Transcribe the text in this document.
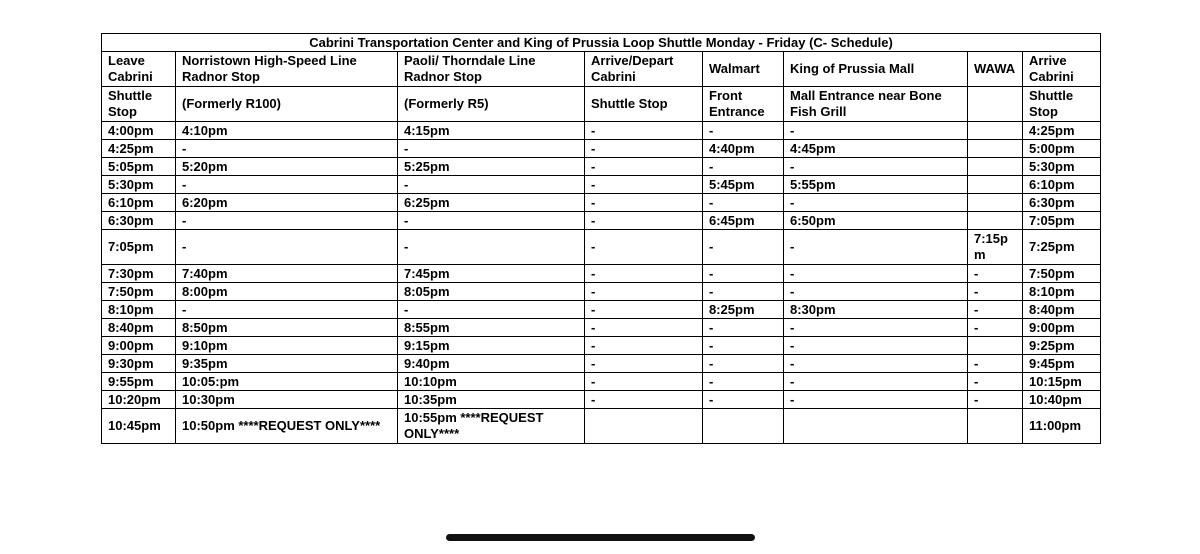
Cabrini Transportation Center and King of Prussia Loop Shuttle Monday - Friday (C- Schedule)							
Leave Cabrini	Norristown High-Speed Line Radnor Stop	Paoli/ Thorndale Line Radnor Stop	Arrive/Depart Cabrini	Walmart	King of Prussia Mall	WAWA	Arrive Cabrini
Shuttle Stop	(Formerly R100)	(Formerly R5)	Shuttle Stop	Front Entrance	Mall Entrance near Bone Fish Grill		Shuttle Stop
4:00pm	4:10pm	4:15pm	-	-	-		4:25pm
4:25pm	-	-	-	4:40pm	4:45pm		5:00pm
5:05pm	5:20pm	5:25pm	-	-	-		5:30pm
5:30pm	-	-	-	5:45pm	5:55pm		6:10pm
6:10pm	6:20pm	6:25pm	-	-	-		6:30pm
6:30pm	-	-	-	6:45pm	6:50pm		7:05pm
7:05pm	-	-	-	-	-	7:15p m	7:25pm
7:30pm	7:40pm	7:45pm	-	-	-	-	7:50pm
7:50pm	8:00pm	8:05pm	-	-	-	-	8:10pm
8:10pm	-	-	-	8:25pm	8:30pm	-	8:40pm
8:40pm	8:50pm	8:55pm	-	-	-	-	9:00pm
9:00pm	9:10pm	9:15pm	-	-	-		9:25pm
9:30pm	9:35pm	9:40pm	-	-	-	-	9:45pm
9:55pm	10:05:pm	10:10pm	-	-	-	-	10:15pm
10:20pm	10:30pm	10:35pm	-	-	-	-	10:40pm
10:45pm	10:50pm ****REQUEST ONLY****	10:55pm ****REQUEST ONLY****					11:00pm
